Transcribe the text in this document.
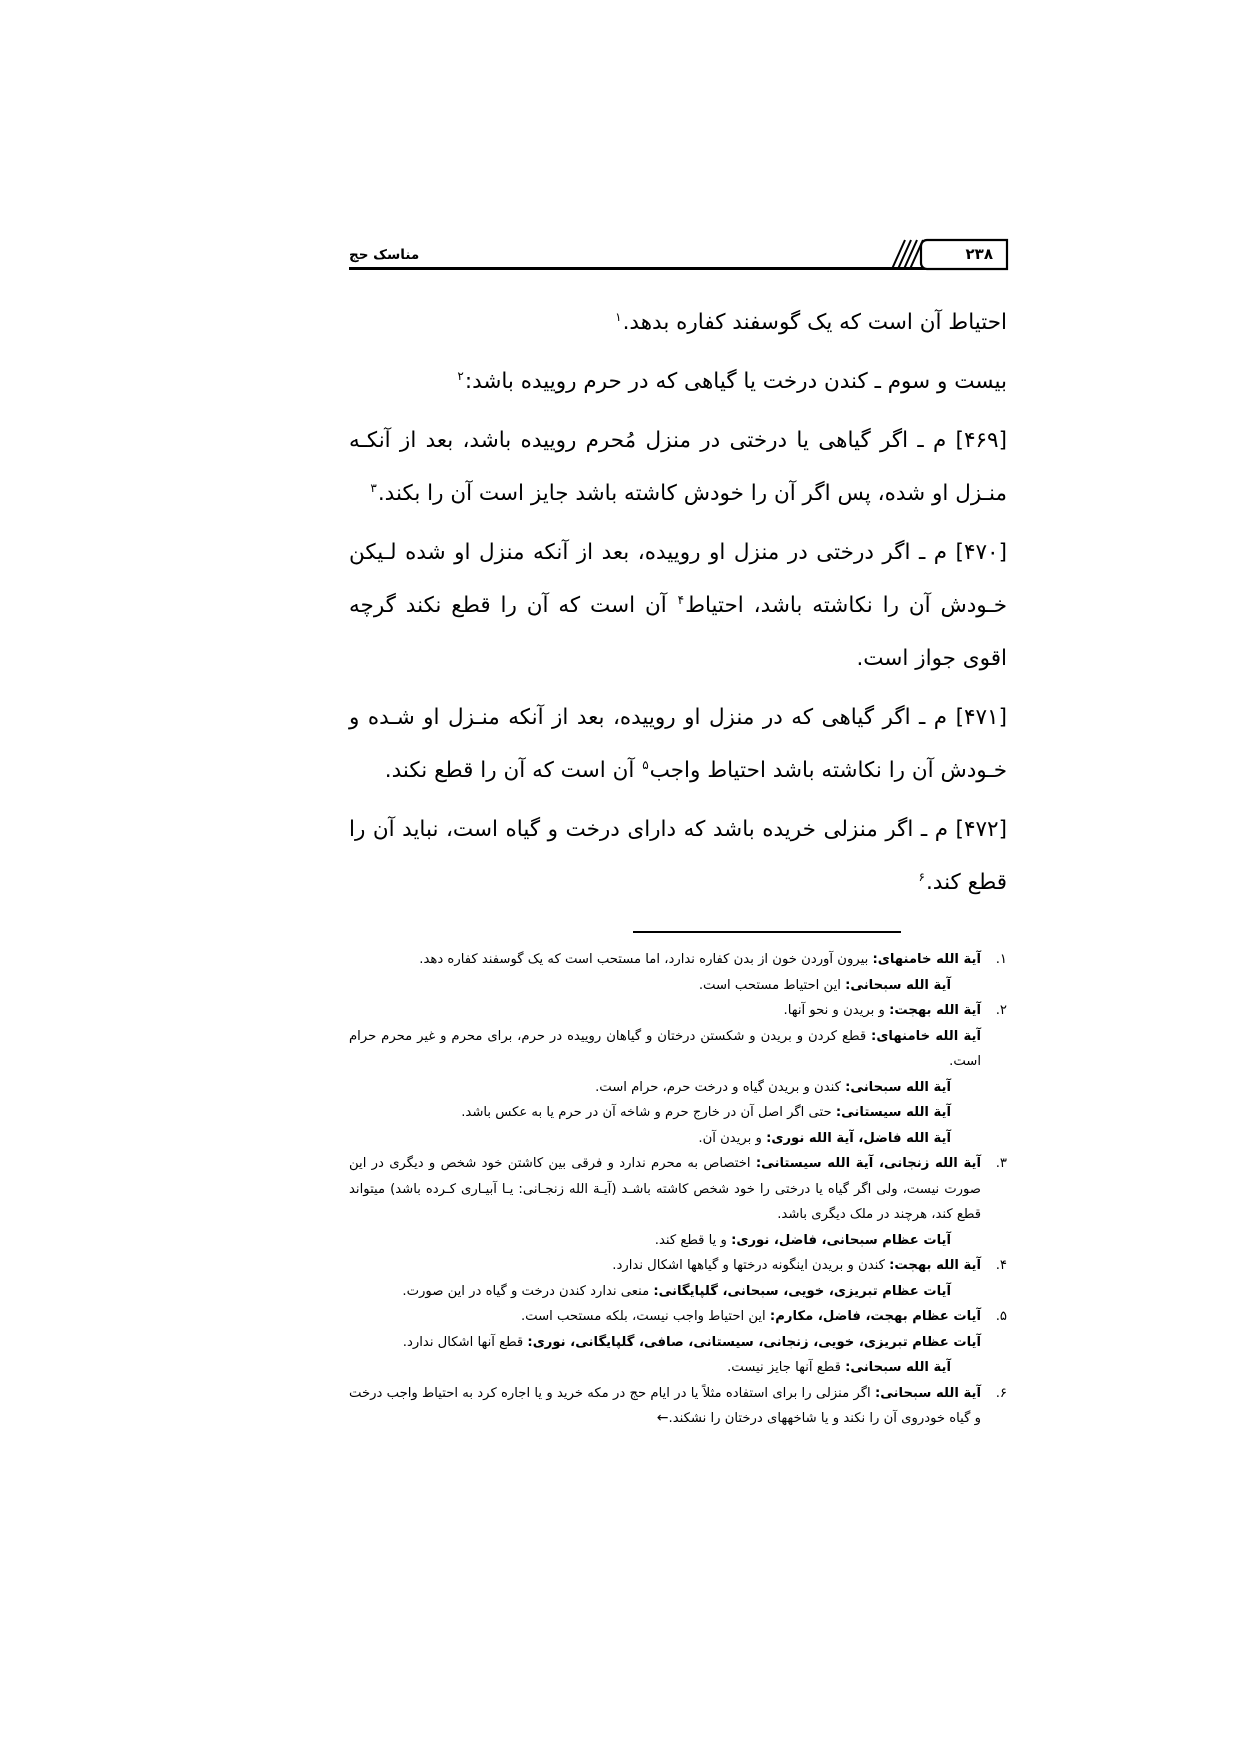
مناسک حج	۲۳۸

احتیاط آن است که یک گوسفند کفاره بدهد.$^۱$

بیست و سوم ـ کندن درخت یا گیاهی که در حرم روییده باشد:$^۲$

[۴۶۹] م ـ اگر گیاهی یا درختی در منزل مُحرم روییده باشد، بعد از آنکـه منـزل او شده، پس اگر آن را خودش کاشته باشد جایز است آن را بکند.$^۳$

[۴۷۰] م ـ اگر درختی در منزل او روییده، بعد از آنکه منزل او شده لـیکن خـودش آن را نکاشته باشد، احتیاط$^۴$ آن است که آن را قطع نکند گرچه اقوی جواز است.

[۴۷۱] م ـ اگر گیاهی که در منزل او روییده، بعد از آنکه منـزل او شـده و خـودش آن را نکاشته باشد احتیاط واجب$^۵$ آن است که آن را قطع نکند.

[۴۷۲] م ـ اگر منزلی خریده باشد که دارای درخت و گیاه است، نباید آن را قطع کند.$^۶$

۱.
آیة الله خامنهای: بیرون آوردن خون از بدن کفاره ندارد، اما مستحب است که یک گوسفند کفاره دهد.
آیة الله سبحانی: این احتیاط مستحب است.
۲.
آیة الله بهجت: و بریدن و نحو آنها.
آیة الله خامنهای: قطع کردن و بریدن و شکستن درختان و گیاهان روییده در حرم، برای محرم و غیر محرم حرام است.
آیة الله سبحانی: کندن و بریدن گیاه و درخت حرم، حرام است.
آیة الله سیستانی: حتی اگر اصل آن در خارج حرم و شاخه آن در حرم یا به عکس باشد.
آیة الله فاضل، آیة الله نوری: و بریدن آن.
۳.
آیة الله زنجانی، آیة الله سیستانی: اختصاص به محرم ندارد و فرقی بین کاشتن خود شخص و دیگری در این صورت نیست، ولی اگر گیاه یا درختی را خود شخص کاشته باشـد (آیـة الله زنجـانی: یـا آبیـاری کـرده باشد) میتواند قطع کند، هرچند در ملک دیگری باشد.
آیات عظام سبحانی، فاضل، نوری: و یا قطع کند.
۴.
آیة الله بهجت: کندن و بریدن اینگونه درختها و گیاهها اشکال ندارد.
آیات عظام تبریزی، خویی، سبحانی، گلپایگانی: منعی ندارد کندن درخت و گیاه در این صورت.
۵.
آیات عظام بهجت، فاضل، مکارم: این احتیاط واجب نیست، بلکه مستحب است.
آیات عظام تبریزی، خویی، زنجانی، سیستانی، صافی، گلپایگانی، نوری: قطع آنها اشکال ندارد.
آیة الله سبحانی: قطع آنها جایز نیست.
۶.
آیة الله سبحانی: اگر منزلی را برای استفاده مثلاً یا در ایام حج در مکه خرید و یا اجاره کرد به احتیاط واجب درخت و گیاه خودروی آن را نکند و یا شاخههای درختان را نشکند.←
